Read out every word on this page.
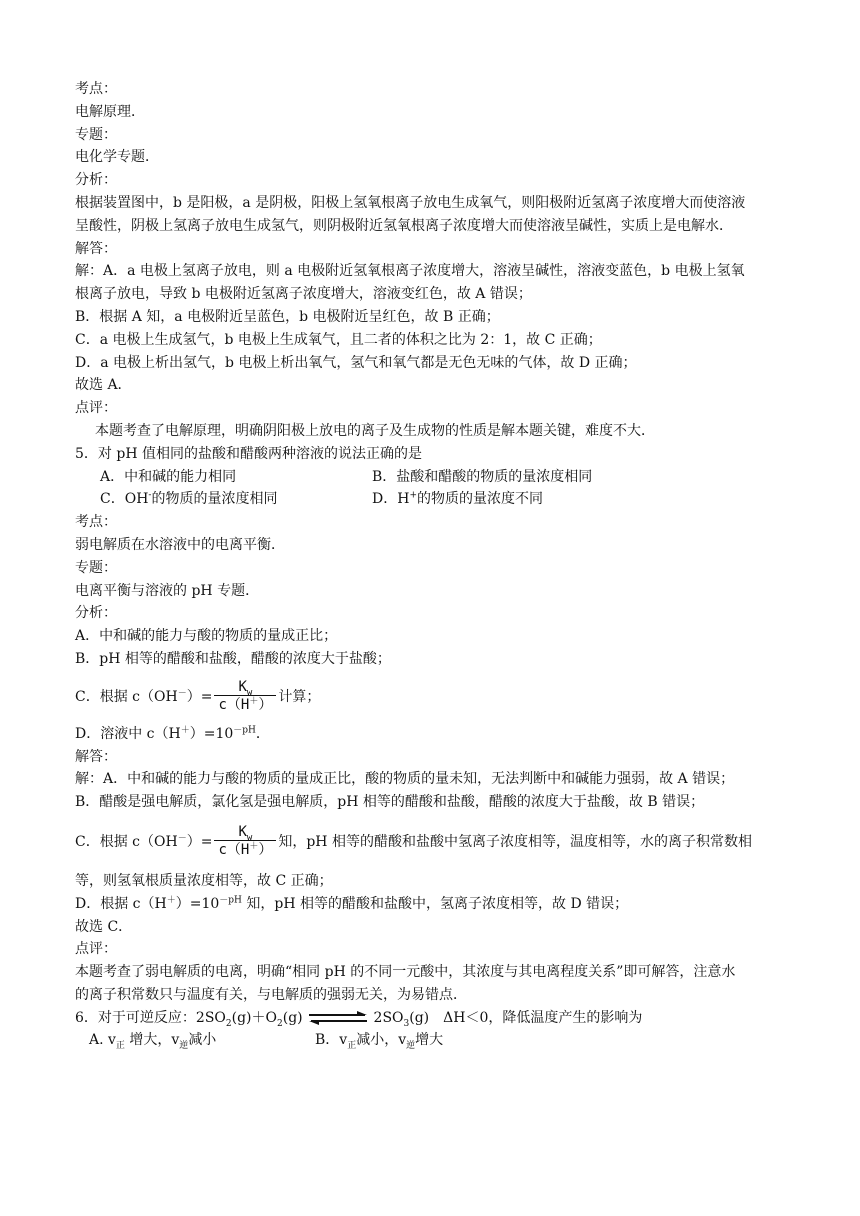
考点：
电解原理．
专题：
电化学专题．
分析：
根据装置图中，b 是阳极，a 是阴极，阳极上氢氧根离子放电生成氧气，则阳极附近氢离子浓度增大而使溶液
呈酸性，阴极上氢离子放电生成氢气，则阴极附近氢氧根离子浓度增大而使溶液呈碱性，实质上是电解水．
解答：
解：A．a 电极上氢离子放电，则 a 电极附近氢氧根离子浓度增大，溶液呈碱性，溶液变蓝色，b 电极上氢氧
根离子放电，导致 b 电极附近氢离子浓度增大，溶液变红色，故 A 错误；
B．根据 A 知，a 电极附近呈蓝色，b 电极附近呈红色，故 B 正确；
C．a 电极上生成氢气，b 电极上生成氧气，且二者的体积之比为 2：1，故 C 正确；
D．a 电极上析出氢气，b 电极上析出氧气，氢气和氧气都是无色无味的气体，故 D 正确；
故选 A．
点评：
本题考查了电解原理，明确阴阳极上放电的离子及生成物的性质是解本题关键，难度不大．
5．对 pH 值相同的盐酸和醋酸两种溶液的说法正确的是
A．中和碱的能力相同	B．盐酸和醋酸的物质的量浓度相同
C．OH-的物质的量浓度相同	D．H+的物质的量浓度不同
考点：
弱电解质在水溶液中的电离平衡．
专题：
电离平衡与溶液的 pH 专题．
分析：
A．中和碱的能力与酸的物质的量成正比；
B．pH 相等的醋酸和盐酸，醋酸的浓度大于盐酸；
C．根据 $c(OH^-)= \frac{K_w}{c(H^+)}$ 计算；
D．溶液中 $c(H^+)=10^{-pH}$．
解答：
解：A．中和碱的能力与酸的物质的量成正比，酸的物质的量未知，无法判断中和碱能力强弱，故 A 错误；
B．醋酸是强电解质，氯化氢是强电解质，pH 相等的醋酸和盐酸，醋酸的浓度大于盐酸，故 B 错误；
C．根据 $c(OH^-)= \frac{K_w}{c(H^+)}$ 知，pH 相等的醋酸和盐酸中氢离子浓度相等，温度相等，水的离子积常数相
等，则氢氧根质量浓度相等，故 C 正确；
D．根据 $c(H^+)=10^{-pH}$ 知，pH 相等的醋酸和盐酸中，氢离子浓度相等，故 D 错误；
故选 C．
点评：
本题考查了弱电解质的电离，明确“相同 pH 的不同一元酸中，其浓度与其电离程度关系”即可解答，注意水
的离子积常数只与温度有关，与电解质的强弱无关，为易错点．
6．对于可逆反应：$2SO_2(g)+O_2(g)$	$2SO_3(g)$　ΔH＜0，降低温度产生的影响为
A. $v_正$ 增大，$v_逆$减小	B．$v_正$减小，$v_逆$增大
